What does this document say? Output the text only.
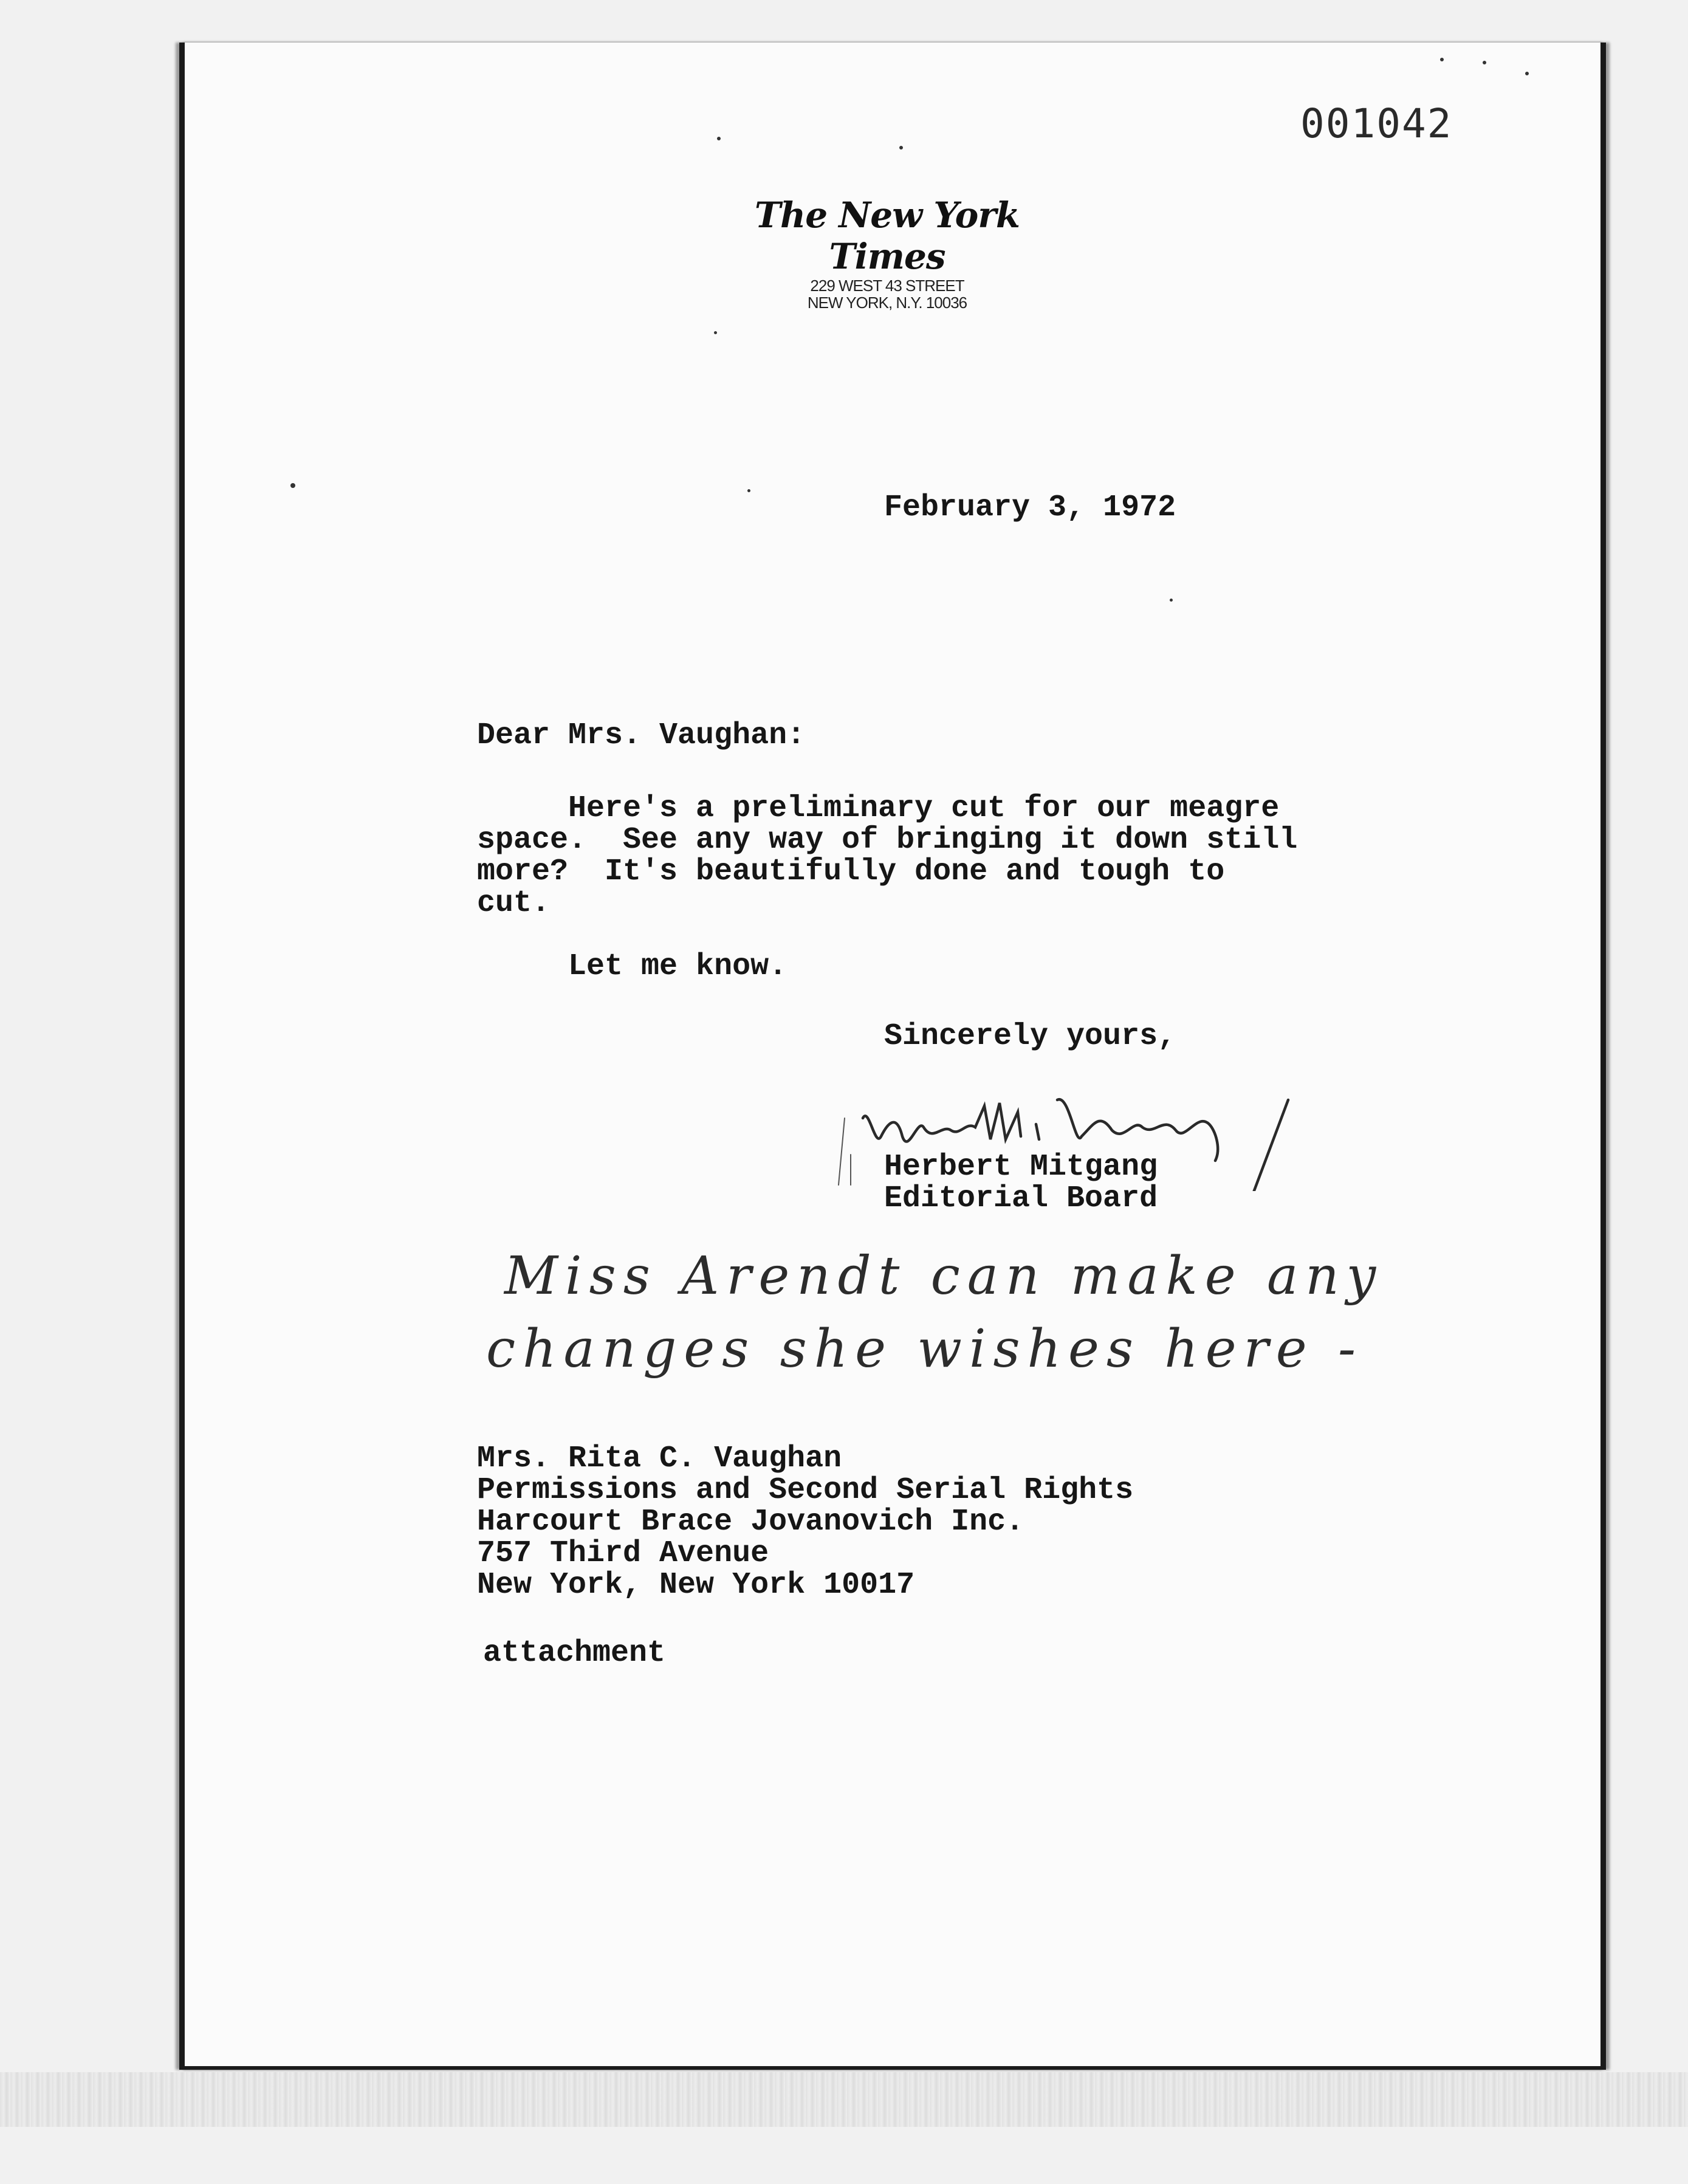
001042
The New York Times
229 WEST 43 STREET
NEW YORK, N.Y. 10036
February 3, 1972
Dear Mrs. Vaughan:
Here's a preliminary cut for our meagre
space.  See any way of bringing it down still
more?  It's beautifully done and tough to
cut.
Let me know.
Sincerely yours,
Herbert Mitgang
Editorial Board
Miss Arendt can make any
changes she wishes here -
Mrs. Rita C. Vaughan
Permissions and Second Serial Rights
Harcourt Brace Jovanovich Inc.
757 Third Avenue
New York, New York 10017
attachment
